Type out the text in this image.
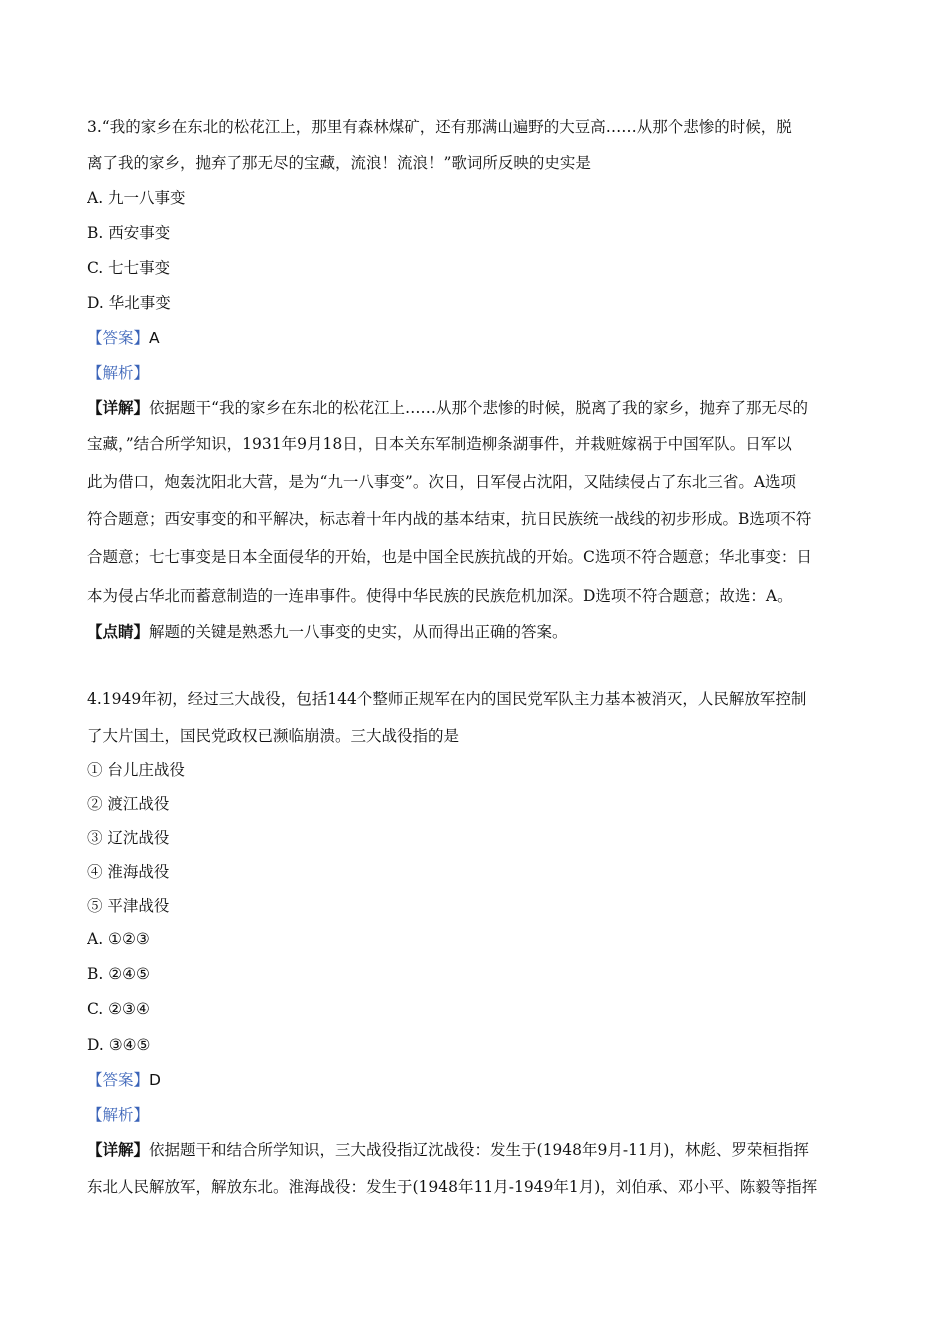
3.“我的家乡在东北的松花江上，那里有森林煤矿，还有那满山遍野的大豆高……从那个悲惨的时候，脱
离了我的家乡，抛弃了那无尽的宝藏，流浪！流浪！”歌词所反映的史实是
A. 九一八事变
B. 西安事变
C. 七七事变
D. 华北事变
【答案】A
【解析】
【详解】依据题干“我的家乡在东北的松花江上……从那个悲惨的时候，脱离了我的家乡，抛弃了那无尽的
宝藏，”结合所学知识，1931年9月18日，日本关东军制造柳条湖事件，并栽赃嫁祸于中国军队。日军以
此为借口，炮轰沈阳北大营，是为“九一八事变”。次日，日军侵占沈阳，又陆续侵占了东北三省。A选项
符合题意；西安事变的和平解决，标志着十年内战的基本结束，抗日民族统一战线的初步形成。B选项不符
合题意；七七事变是日本全面侵华的开始，也是中国全民族抗战的开始。C选项不符合题意；华北事变：日
本为侵占华北而蓄意制造的一连串事件。使得中华民族的民族危机加深。D选项不符合题意；故选：A。
【点睛】解题的关键是熟悉九一八事变的史实，从而得出正确的答案。
4.1949年初，经过三大战役，包括144个整师正规军在内的国民党军队主力基本被消灭，人民解放军控制
了大片国土，国民党政权已濒临崩溃。三大战役指的是
① 台儿庄战役
② 渡江战役
③ 辽沈战役
④ 淮海战役
⑤ 平津战役
A. ①②③
B. ②④⑤
C. ②③④
D. ③④⑤
【答案】D
【解析】
【详解】依据题干和结合所学知识，三大战役指辽沈战役：发生于(1948年9月-11月)，林彪、罗荣桓指挥
东北人民解放军，解放东北。淮海战役：发生于(1948年11月-1949年1月)，刘伯承、邓小平、陈毅等指挥
